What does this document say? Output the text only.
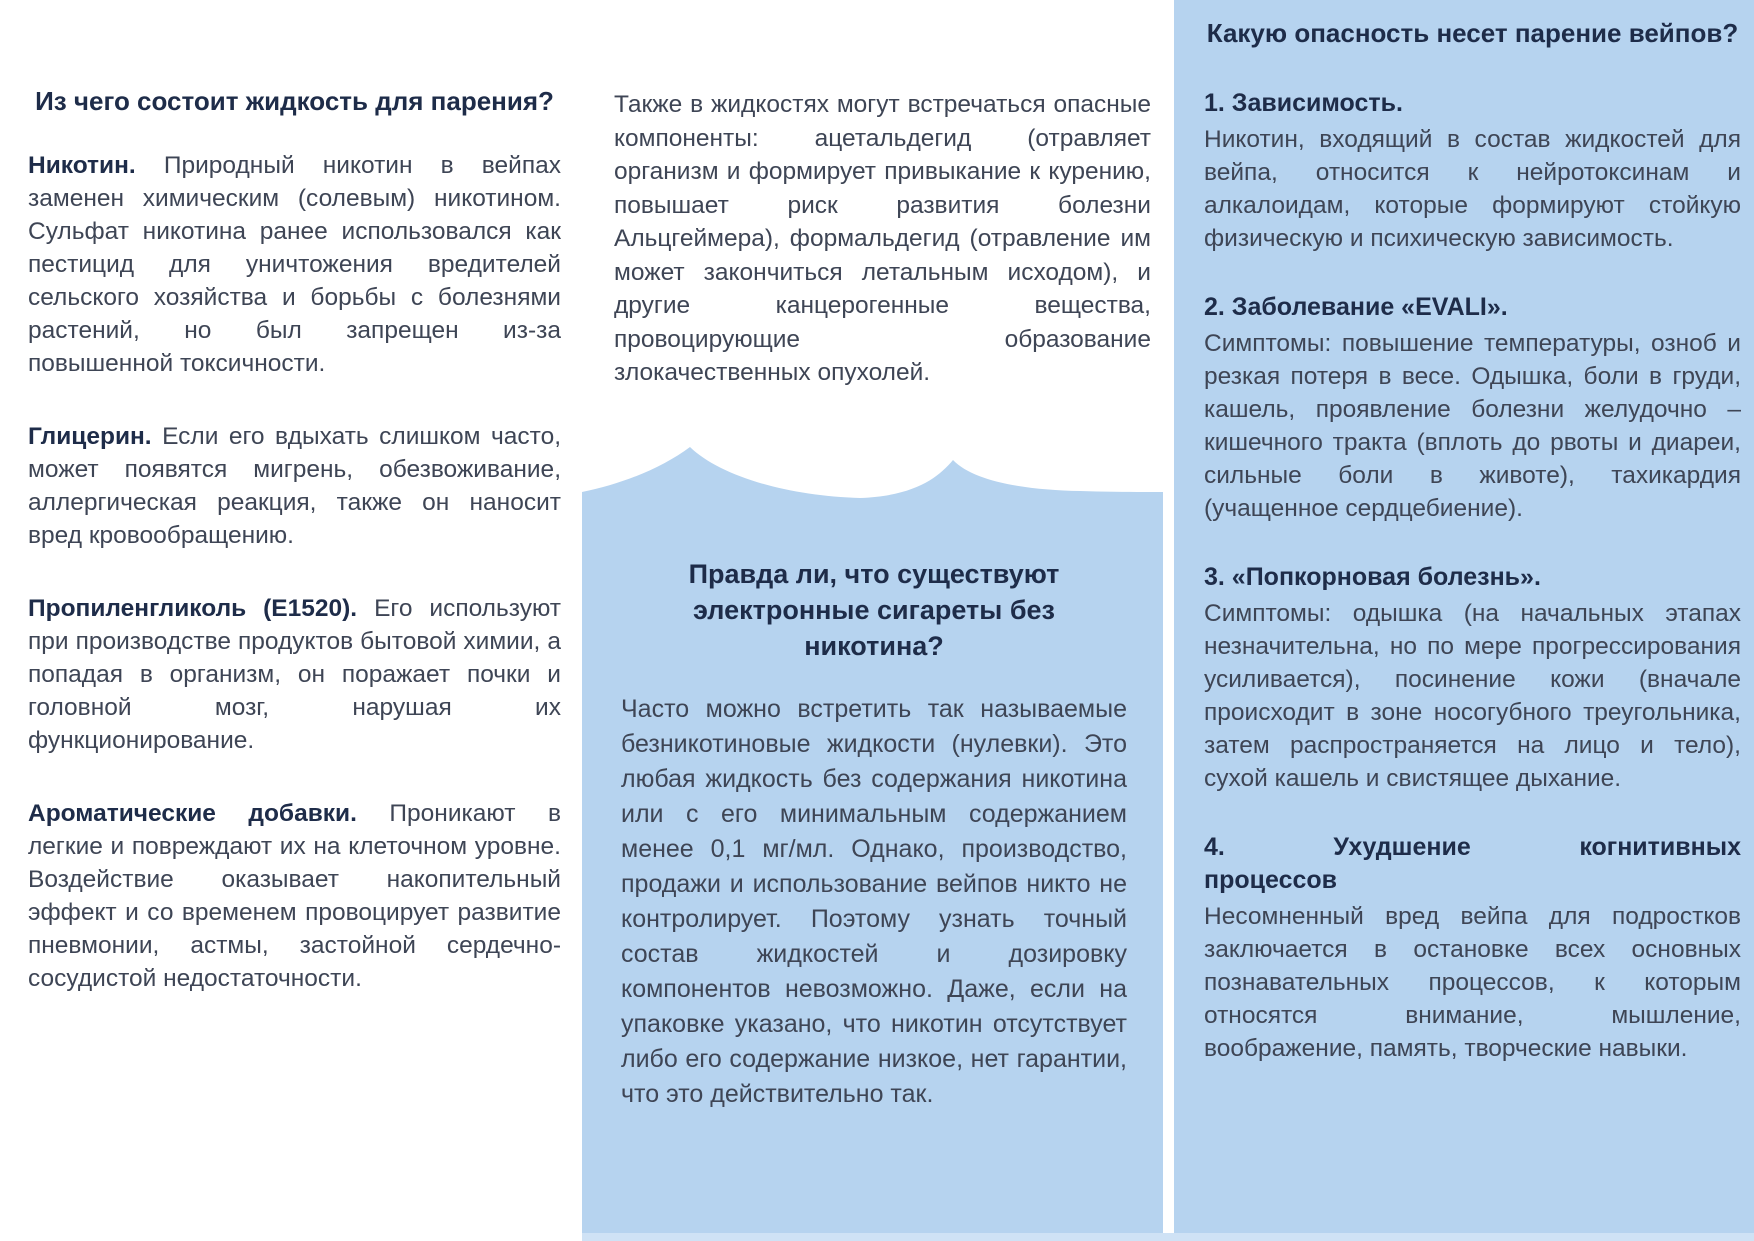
Из чего состоит жидкость для парения?

Никотин. Природный никотин в вейпах заменен химическим (солевым) никотином. Сульфат никотина ранее использовался как пестицид для уничтожения вредителей сельского хозяйства и борьбы с болезнями растений, но был запрещен из-за повышенной токсичности.

Глицерин. Если его вдыхать слишком часто, может появятся мигрень, обезвоживание, аллергическая реакция, также он наносит вред кровообращению.

Пропиленгликоль (E1520). Его используют при производстве продуктов бытовой химии, а попадая в организм, он поражает почки и головной мозг, нарушая их функционирование.

Ароматические добавки. Проникают в легкие и повреждают их на клеточном уровне. Воздействие оказывает накопительный эффект и со временем провоцирует развитие пневмонии, астмы, застойной сердечно-сосудистой недостаточности.

Также в жидкостях могут встречаться опасные компоненты: ацетальдегид (отравляет организм и формирует привыкание к курению, повышает риск развития болезни Альцгеймера), формальдегид (отравление им может закончиться летальным исходом), и другие канцерогенные вещества, провоцирующие образование злокачественных опухолей.

Правда ли, что существуют электронные сигареты без никотина?

Часто можно встретить так называемые безникотиновые жидкости (нулевки). Это любая жидкость без содержания никотина или с его минимальным содержанием менее 0,1 мг/мл. Однако, производство, продажи и использование вейпов никто не контролирует. Поэтому узнать точный состав жидкостей и дозировку компонентов невозможно. Даже, если на упаковке указано, что никотин отсутствует либо его содержание низкое, нет гарантии, что это действительно так.

Какую опасность несет парение вейпов?
1. Зависимость.

Никотин, входящий в состав жидкостей для вейпа, относится к нейротоксинам и алкалоидам, которые формируют стойкую физическую и психическую зависимость.

2. Заболевание «EVALI».

Симптомы: повышение температуры, озноб и резкая потеря в весе. Одышка, боли в груди, кашель, проявление болезни желудочно – кишечного тракта (вплоть до рвоты и диареи, сильные боли в животе), тахикардия (учащенное сердцебиение).

3. «Попкорновая болезнь».

Симптомы: одышка (на начальных этапах незначительна, но по мере прогрессирования усиливается), посинение кожи (вначале происходит в зоне носогубного треугольника, затем распространяется на лицо и тело), сухой кашель и свистящее дыхание.

4.	Ухудшение	когнитивных
процессов

Несомненный вред вейпа для подростков заключается в остановке всех основных познавательных процессов, к которым относятся внимание, мышление, воображение, память, творческие навыки.
